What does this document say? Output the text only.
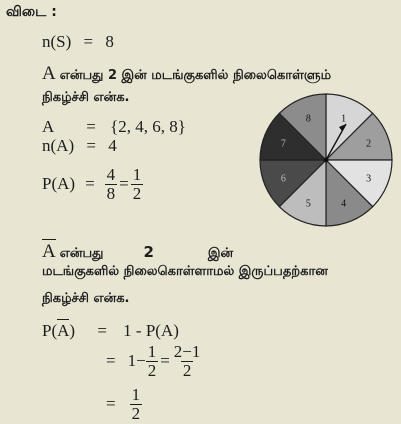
விடை :
n(S) = 8
A என்பது 2 இன் மடங்குகளில் நிலைகொள்ளும்
நிகழ்ச்சி என்க.
A = {2, 4, 6, 8}
n(A) = 4
$P(A) = \frac{4}{8} = \frac{1}{2}$
A என்பது	2	இன்
மடங்குகளில் நிலைகொள்ளாமல் இருப்பதற்கான
நிகழ்ச்சி என்க.
P(A) = 1 - P(A)
= $1 - \frac{1}{2} = \frac{2-1}{2}$
= $\frac{1}{2}$
1
2
3
4
5
6
7
8
